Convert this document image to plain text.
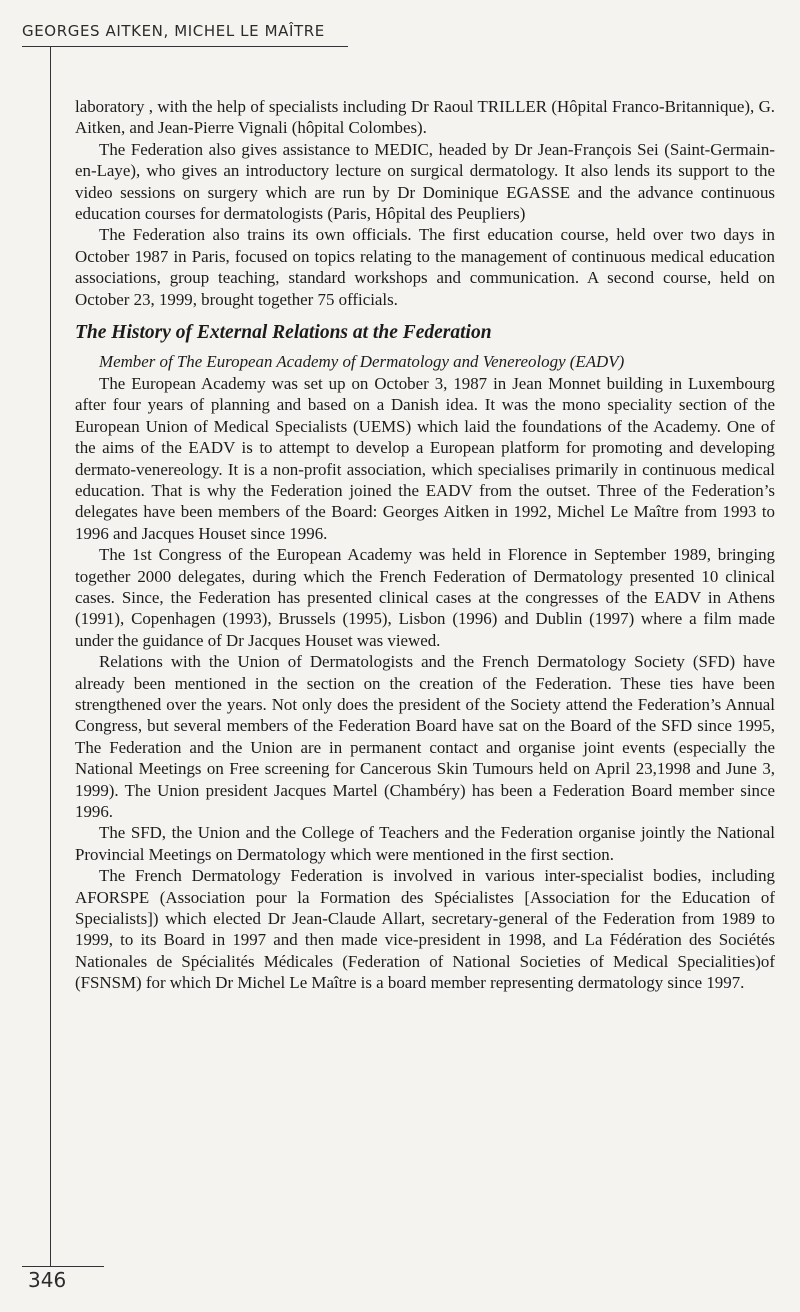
GEORGES AITKEN, MICHEL LE MAÎTRE
346

laboratory , with the help of specialists including Dr Raoul TRILLER (Hôpital Franco-Britannique), G. Aitken, and Jean-Pierre Vignali (hôpital Colombes).

The Federation also gives assistance to MEDIC, headed by Dr Jean-François Sei (Saint-Germain-en-Laye), who gives an introductory lecture on surgical dermatology. It also lends its support to the video sessions on surgery which are run by Dr Dominique EGASSE and the advance continuous education courses for dermatologists (Paris, Hôpital des Peupliers)

The Federation also trains its own officials. The first education course, held over two days in October 1987 in Paris, focused on topics relating to the management of continuous medical education associations, group teaching, standard workshops and communication. A second course, held on October 23, 1999, brought together 75 officials.

The History of External Relations at the Federation

Member of The European Academy of Dermatology and Venereology (EADV)

The European Academy was set up on October 3, 1987 in Jean Monnet building in Luxembourg after four years of planning and based on a Danish idea. It was the mono speciality section of the European Union of Medical Specialists (UEMS) which laid the foundations of the Academy. One of the aims of the EADV is to attempt to develop a European platform for promoting and developing dermato-venereology. It is a non-profit association, which specialises primarily in continuous medical education. That is why the Federation joined the EADV from the outset. Three of the Federation’s delegates have been members of the Board: Georges Aitken in 1992, Michel Le Maître from 1993 to 1996 and Jacques Houset since 1996.

The 1st Congress of the European Academy was held in Florence in September 1989, bringing together 2000 delegates, during which the French Federation of Dermatology presented 10 clinical cases. Since, the Federation has presented clinical cases at the congresses of the EADV in Athens (1991), Copenhagen (1993), Brussels (1995), Lisbon (1996) and Dublin (1997) where a film made under the guidance of Dr Jacques Houset was viewed.

Relations with the Union of Dermatologists and the French Dermatology Society (SFD) have already been mentioned in the section on the creation of the Federation. These ties have been strengthened over the years. Not only does the president of the Society attend the Federation’s Annual Congress, but several members of the Federation Board have sat on the Board of the SFD since 1995, The Federation and the Union are in permanent contact and organise joint events (especially the National Meetings on Free screening for Cancerous Skin Tumours held on April 23,1998 and June 3, 1999). The Union president Jacques Martel (Chambéry) has been a Federation Board member since 1996.

The SFD, the Union and the College of Teachers and the Federation organise jointly the National Provincial Meetings on Dermatology which were mentioned in the first section.

The French Dermatology Federation is involved in various inter-specialist bodies, including AFORSPE (Association pour la Formation des Spécialistes [Association for the Education of Specialists]) which elected Dr Jean-Claude Allart, secretary-general of the Federation from 1989 to 1999, to its Board in 1997 and then made vice-president in 1998, and La Fédération des Sociétés Nationales de Spécialités Médicales (Federation of National Societies of Medical Specialities)of (FSNSM) for which Dr Michel Le Maître is a board member representing dermatology since 1997.
